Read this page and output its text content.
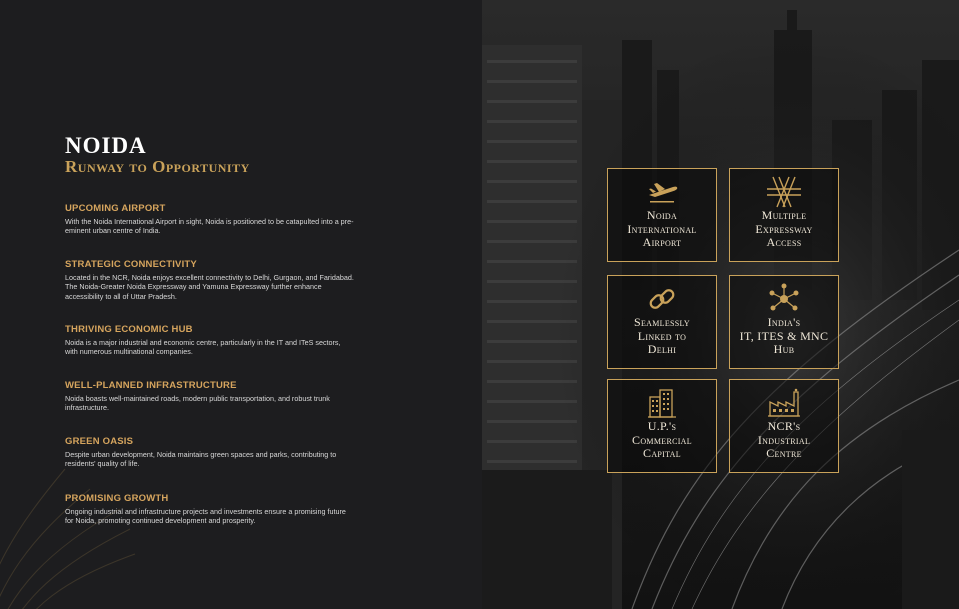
NOIDA
Runway to Opportunity
UPCOMING AIRPORT

With the Noida International Airport in sight, Noida is positioned to be catapulted into a pre-eminent urban centre of India.

STRATEGIC CONNECTIVITY

Located in the NCR, Noida enjoys excellent connectivity to Delhi, Gurgaon, and Faridabad. The Noida-Greater Noida Expressway and Yamuna Expressway further enhance accessibility to all of Uttar Pradesh.

THRIVING ECONOMIC HUB

Noida is a major industrial and economic centre, particularly in the IT and ITeS sectors, with numerous multinational companies.

WELL-PLANNED INFRASTRUCTURE

Noida boasts well-maintained roads, modern public transportation, and robust trunk infrastructure.

GREEN OASIS

Despite urban development, Noida maintains green spaces and parks, contributing to residents' quality of life.

PROMISING GROWTH

Ongoing industrial and infrastructure projects and investments ensure a promising future for Noida, promoting continued development and prosperity.

Noida
International
Airport
Multiple
Expressway
Access
Seamlessly
Linked to
Delhi
India's
IT, ITES & MNC
Hub
U.P.'s
Commercial
Capital
NCR's
Industrial
Centre
